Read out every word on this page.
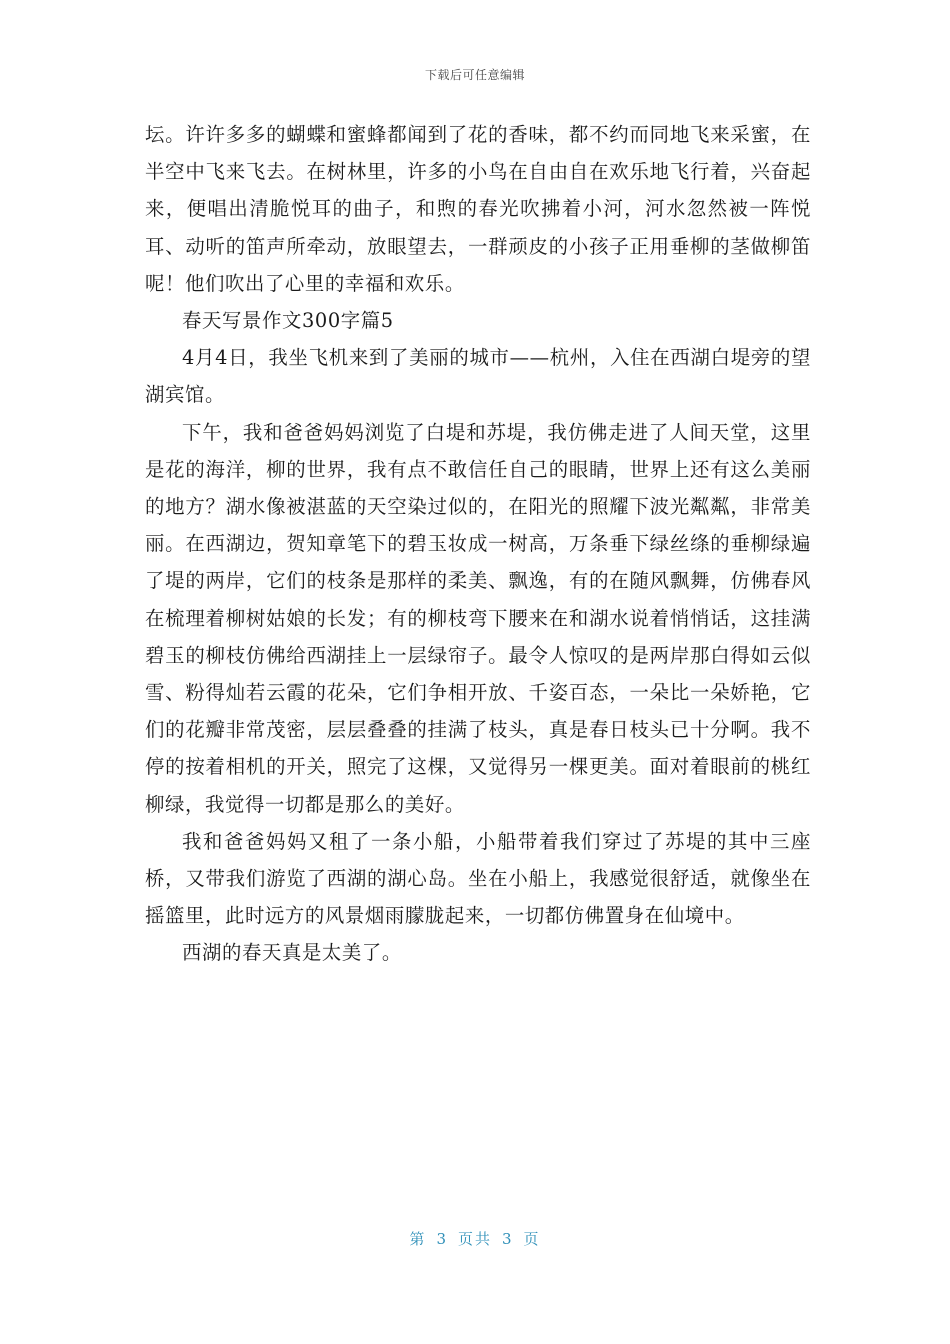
下载后可任意编辑

坛。许许多多的蝴蝶和蜜蜂都闻到了花的香味，都不约而同地飞来采蜜，在半空中飞来飞去。在树林里，许多的小鸟在自由自在欢乐地飞行着，兴奋起来，便唱出清脆悦耳的曲子，和煦的春光吹拂着小河，河水忽然被一阵悦耳、动听的笛声所牵动，放眼望去，一群顽皮的小孩子正用垂柳的茎做柳笛呢！他们吹出了心里的幸福和欢乐。

春天写景作文300字篇5

4月4日，我坐飞机来到了美丽的城市——杭州，入住在西湖白堤旁的望湖宾馆。

下午，我和爸爸妈妈浏览了白堤和苏堤，我仿佛走进了人间天堂，这里是花的海洋，柳的世界，我有点不敢信任自己的眼睛，世界上还有这么美丽的地方？湖水像被湛蓝的天空染过似的，在阳光的照耀下波光粼粼，非常美丽。在西湖边，贺知章笔下的碧玉妆成一树高，万条垂下绿丝绦的垂柳绿遍了堤的两岸，它们的枝条是那样的柔美、飘逸，有的在随风飘舞，仿佛春风在梳理着柳树姑娘的长发；有的柳枝弯下腰来在和湖水说着悄悄话，这挂满碧玉的柳枝仿佛给西湖挂上一层绿帘子。最令人惊叹的是两岸那白得如云似雪、粉得灿若云霞的花朵，它们争相开放、千姿百态，一朵比一朵娇艳，它们的花瓣非常茂密，层层叠叠的挂满了枝头，真是春日枝头已十分啊。我不停的按着相机的开关，照完了这棵，又觉得另一棵更美。面对着眼前的桃红柳绿，我觉得一切都是那么的美好。

我和爸爸妈妈又租了一条小船，小船带着我们穿过了苏堤的其中三座桥，又带我们游览了西湖的湖心岛。坐在小船上，我感觉很舒适，就像坐在摇篮里，此时远方的风景烟雨朦胧起来，一切都仿佛置身在仙境中。

西湖的春天真是太美了。

第 3 页共 3 页
